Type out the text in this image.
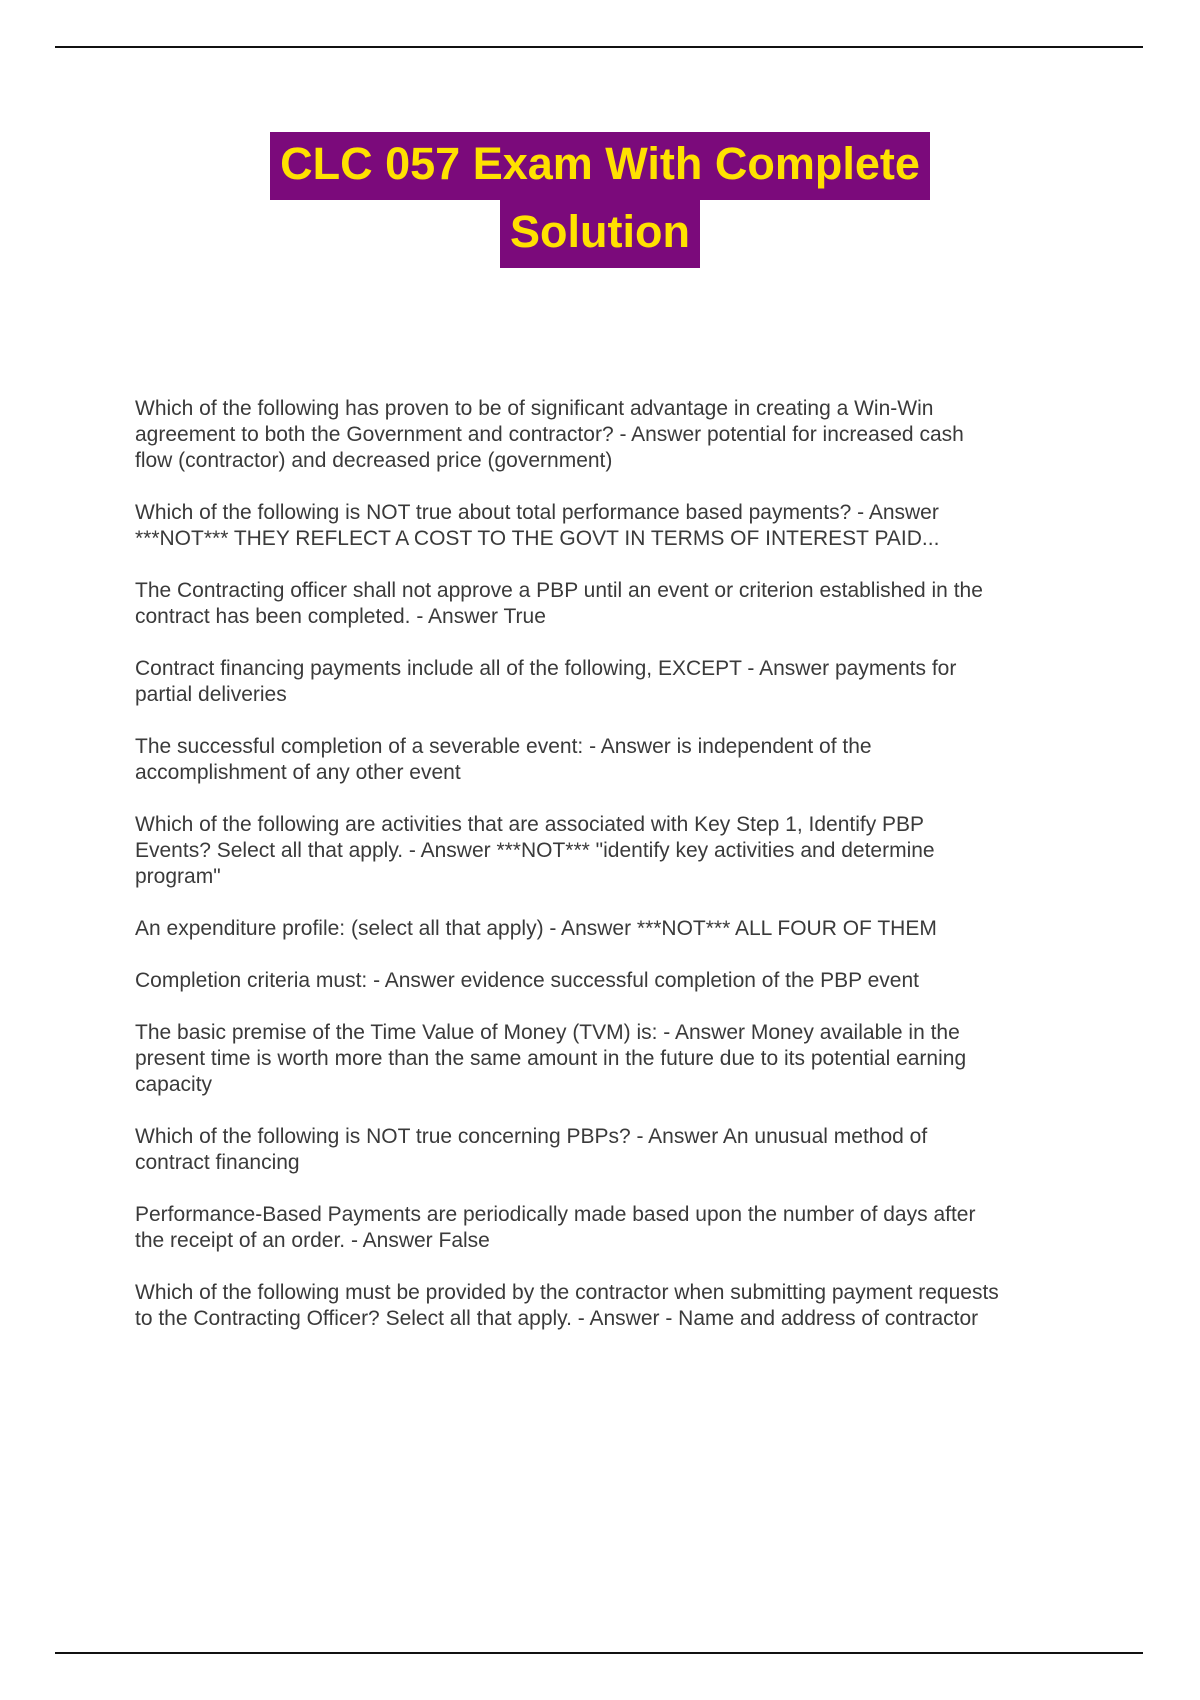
CLC 057 Exam With Complete
Solution

Which of the following has proven to be of significant advantage in creating a Win-Win agreement to both the Government and contractor? - Answer potential for increased cash flow (contractor) and decreased price (government)

Which of the following is NOT true about total performance based payments? - Answer ***NOT*** THEY REFLECT A COST TO THE GOVT IN TERMS OF INTEREST PAID...

The Contracting officer shall not approve a PBP until an event or criterion established in the contract has been completed. - Answer True

Contract financing payments include all of the following, EXCEPT - Answer payments for partial deliveries

The successful completion of a severable event: - Answer is independent of the accomplishment of any other event

Which of the following are activities that are associated with Key Step 1, Identify PBP Events? Select all that apply. - Answer ***NOT*** "identify key activities and determine program"

An expenditure profile: (select all that apply) - Answer ***NOT*** ALL FOUR OF THEM

Completion criteria must: - Answer evidence successful completion of the PBP event

The basic premise of the Time Value of Money (TVM) is: - Answer Money available in the present time is worth more than the same amount in the future due to its potential earning capacity

Which of the following is NOT true concerning PBPs? - Answer An unusual method of contract financing

Performance-Based Payments are periodically made based upon the number of days after the receipt of an order. - Answer False

Which of the following must be provided by the contractor when submitting payment requests to the Contracting Officer? Select all that apply. - Answer - Name and address of contractor
